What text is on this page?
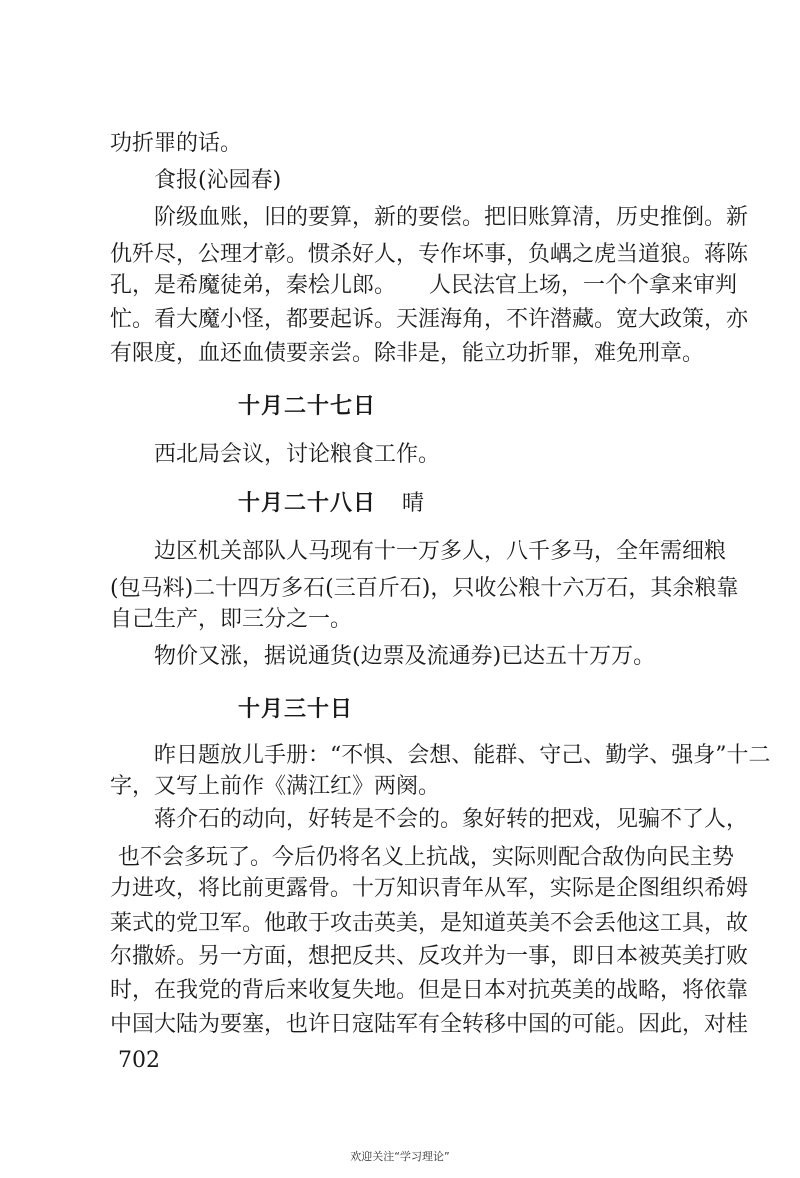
功折罪的话。
食报(沁园春)
阶级血账，旧的要算，新的要偿。把旧账算清，历史推倒。新
仇歼尽，公理才彰。惯杀好人，专作坏事，负嵎之虎当道狼。蒋陈
孔，是希魔徒弟，秦桧儿郎。　　人民法官上场，一个个拿来审判
忙。看大魔小怪，都要起诉。天涯海角，不许潜藏。宽大政策，亦
有限度，血还血债要亲尝。除非是，能立功折罪，难免刑章。
十月二十七日
西北局会议，讨论粮食工作。
十月二十八日 晴
边区机关部队人马现有十一万多人，八千多马，全年需细粮
(包马料)二十四万多石(三百斤石)，只收公粮十六万石，其余粮靠
自己生产，即三分之一。
物价又涨，据说通货(边票及流通券)已达五十万万。
十月三十日
昨日题放儿手册：“不惧、会想、能群、守己、勤学、强身”十二
字，又写上前作《满江红》两阕。
蒋介石的动向，好转是不会的。象好转的把戏，见骗不了人，
也不会多玩了。今后仍将名义上抗战，实际则配合敌伪向民主势
力进攻，将比前更露骨。十万知识青年从军，实际是企图组织希姆
莱式的党卫军。他敢于攻击英美，是知道英美不会丢他这工具，故
尔撒娇。另一方面，想把反共、反攻并为一事，即日本被英美打败
时，在我党的背后来收复失地。但是日本对抗英美的战略，将依靠
中国大陆为要塞，也许日寇陆军有全转移中国的可能。因此，对桂
702
欢迎关注“学习理论”
